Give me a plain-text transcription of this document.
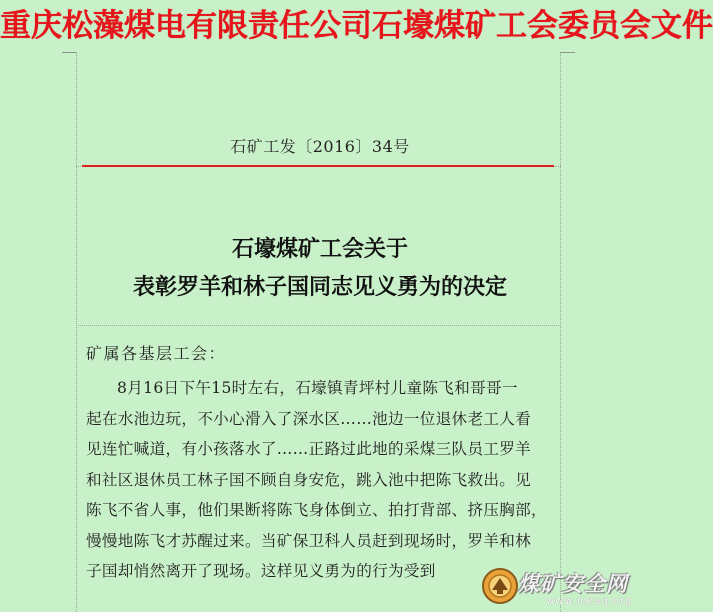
重庆松藻煤电有限责任公司石壕煤矿工会委员会文件
石矿工发〔2016〕34号
石壕煤矿工会关于
表彰罗羊和林子国同志见义勇为的决定
矿属各基层工会：
8月16日下午15时左右，石壕镇青坪村儿童陈飞和哥哥一
起在水池边玩，不小心滑入了深水区……池边一位退休老工人看
见连忙喊道，有小孩落水了……正路过此地的采煤三队员工罗羊
和社区退休员工林子国不顾自身安危，跳入池中把陈飞救出。见
陈飞不省人事，他们果断将陈飞身体倒立、拍打背部、挤压胸部，
慢慢地陈飞才苏醒过来。当矿保卫科人员赶到现场时，罗羊和林
子国却悄然离开了现场。这样见义勇为的行为受到
煤矿安全网
www.mkaq.org
